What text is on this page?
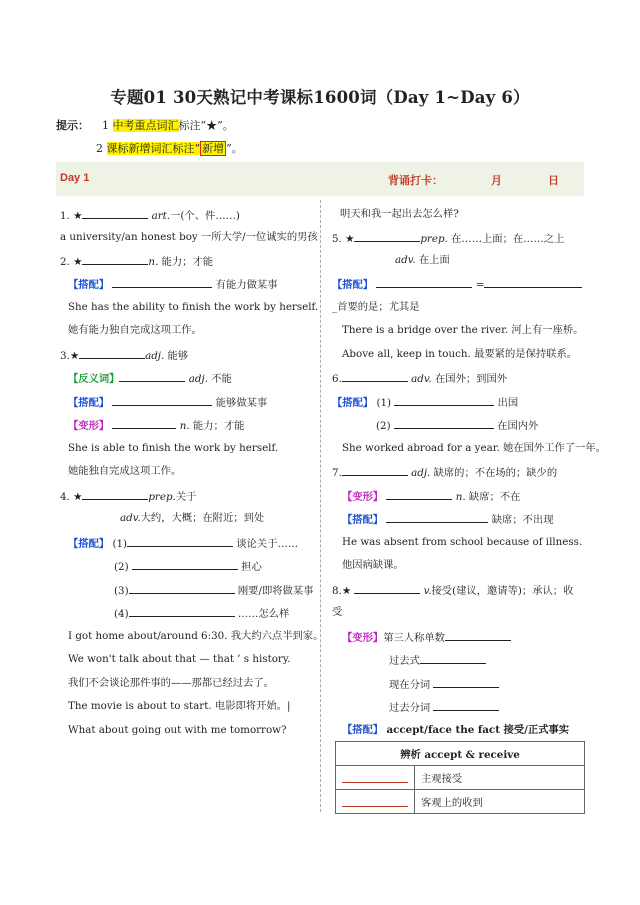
专题01 30天熟记中考课标1600词（Day 1~Day 6）
提示： 1 中考重点词汇标注“★”。
2 课标新增词汇标注“ 新增 ”。
Day 1	背诵打卡：	月	日
1. ★	art.一(个、件……)
a university/an honest boy 一所大学/一位诚实的男孩
2. ★	n. 能力；才能
【搭配】	有能力做某事
She has the ability to finish the work by herself.
她有能力独自完成这项工作。
3.★	adj. 能够
【反义词】	adj. 不能
【搭配】	能够做某事
【变形】	n. 能力；才能
She is able to finish the work by herself.
她能独自完成这项工作。
4. ★	prep.关于
adv.大约，大概；在附近；到处
【搭配】 (1)	谈论关于……
(2)	担心
(3)	刚要/即将做某事
(4)	……怎么样
I got home about/around 6:30. 我大约六点半到家。
We won't talk about that — that ’ s history.
我们不会谈论那件事的——那都已经过去了。
The movie is about to start. 电影即将开始。|
What about going out with me tomorrow?
明天和我一起出去怎么样?
5. ★	prep. 在……上面；在……之上
adv. 在上面
【搭配】	=
_首要的是；尤其是
There is a bridge over the river. 河上有一座桥。
Above all, keep in touch. 最要紧的是保持联系。
6.	adv. 在国外；到国外
【搭配】 (1)	出国
(2)	在国内外
She worked abroad for a year. 她在国外工作了一年。
7.	adj. 缺席的；不在场的；缺少的
【变形】	n. 缺席；不在
【搭配】	缺席；不出现
He was absent from school because of illness.
他因病缺课。
8.★	v.接受(建议，邀请等)；承认；收
受
【变形】第三人称单数
过去式
现在分词
过去分词
【搭配】 accept/face the fact 接受/正式事实
辨析 accept & receive	
	主观接受
	客观上的收到
